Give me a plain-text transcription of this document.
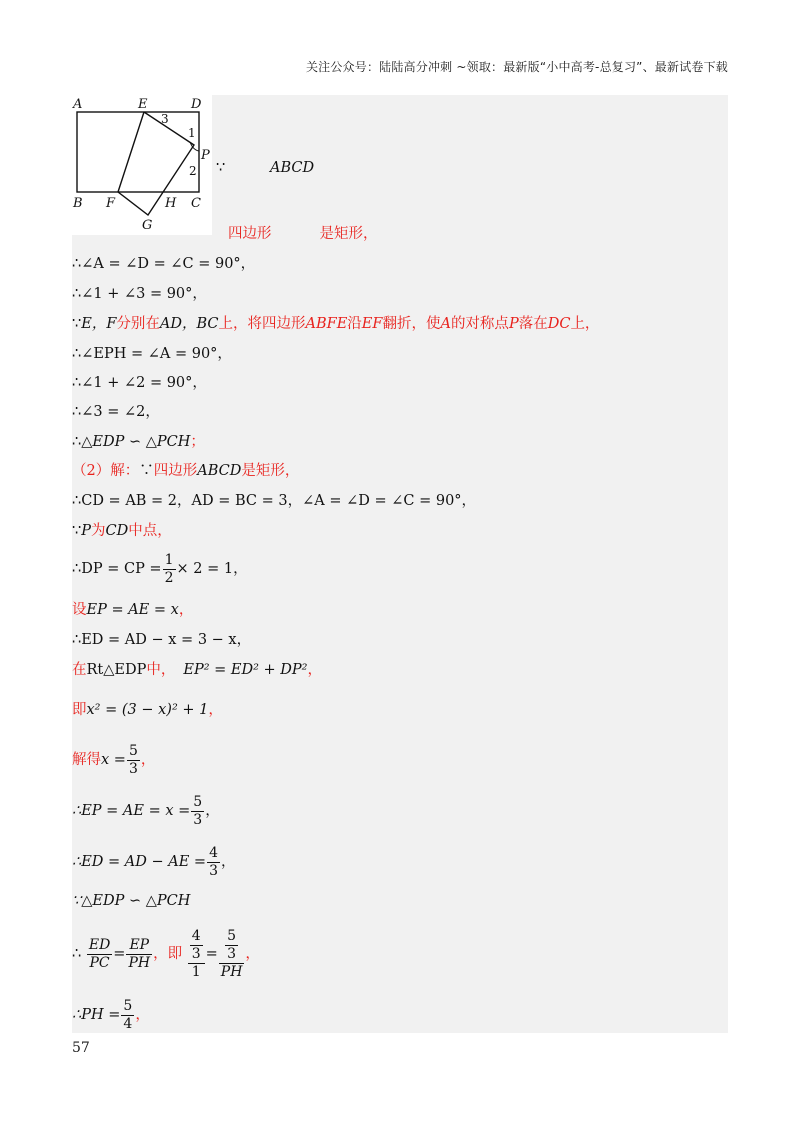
关注公众号：陆陆高分冲刺 ~领取：最新版“小中高考-总复习”、最新试卷下载
A	E	D
P
B F	H C
G
3
1
2 ∵	ABCD
四边形	是矩形，
∴∠A = ∠D = ∠C = 90°，
∴∠1 + ∠3 = 90°，
∵E，F分别在AD，BC上，将四边形ABFE沿EF翻折，使A的对称点P落在DC上，
∴∠EPH = ∠A = 90°，
∴∠1 + ∠2 = 90°，
∴∠3 = ∠2，
∴△EDP ∽ △PCH；
（2）解：∵四边形ABCD是矩形，
∴CD = AB = 2，AD = BC = 3，∠A = ∠D = ∠C = 90°，
∵P为CD中点，
∴DP = CP = $\frac{1}{2} \times 2 = 1$，
设EP = AE = x，
∴ED = AD − x = 3 − x，
在Rt△EDP中， EP² = ED² + DP²，
即x² = (3 − x)² + 1，
解得$x = \frac{5}{3}$ ，
∴EP = AE = $x = \frac{5}{3}$ ，
∴ED = AD − AE = $\frac{4}{3}$ ，
∵△EDP ∽ △PCH
∴ $\frac{ED}{PC} = \frac{EP}{PH}$ ，即 $\frac{\frac{4}{3}}{1} = \frac{\frac{5}{3}}{PH}$ ，
∴PH = $\frac{5}{4}$ ，
57
